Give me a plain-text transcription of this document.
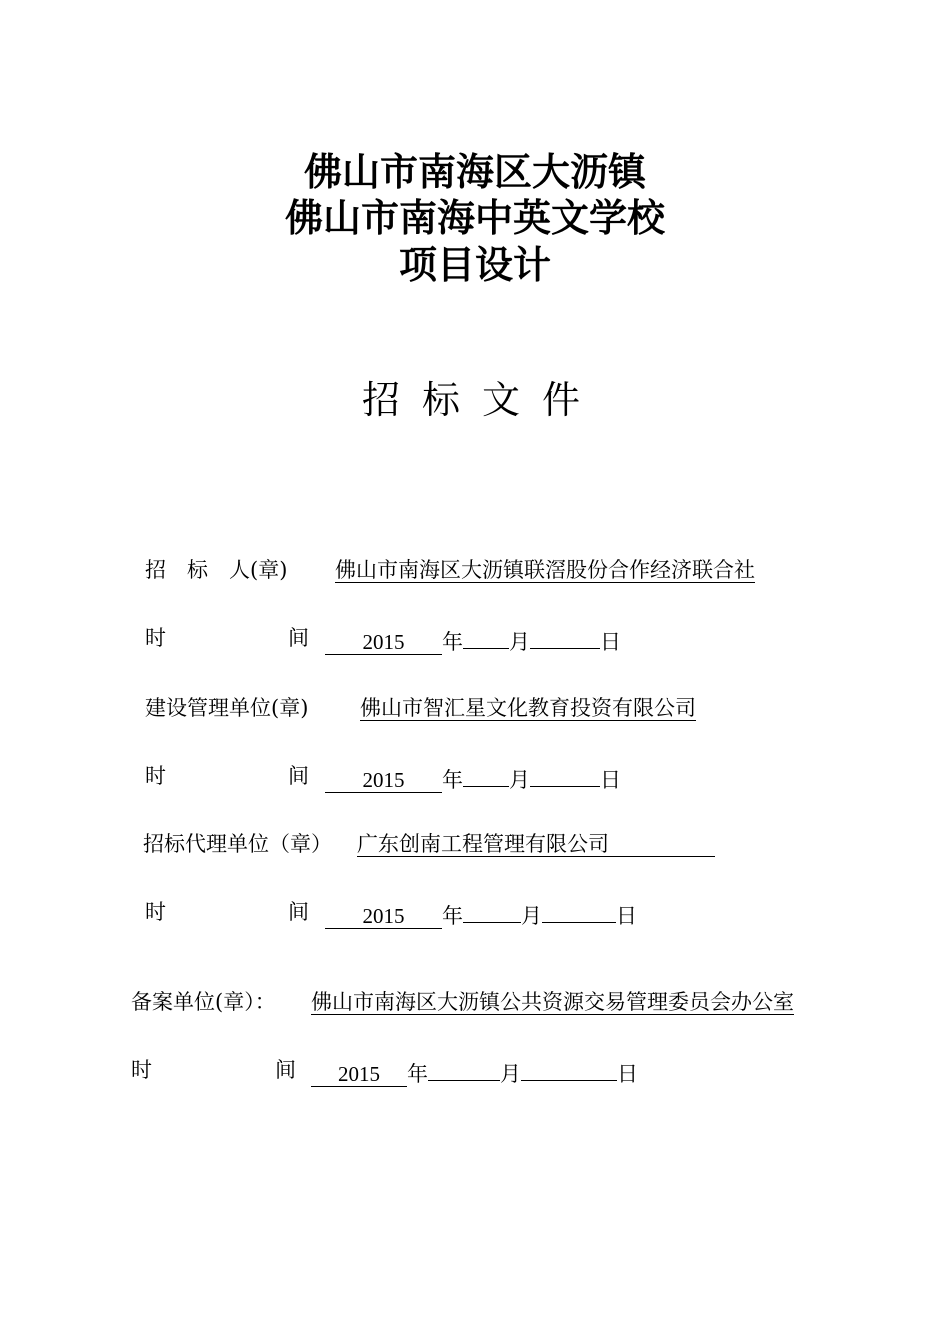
佛山市南海区大沥镇
佛山市南海中英文学校
项目设计
招标文件
招　标　人(章) 佛山市南海区大沥镇联滘股份合作经济联合社
时	间	2015 年 月	日
建设管理单位(章) 佛山市智汇星文化教育投资有限公司
时	间	2015 年 月	日
招标代理单位（章） 广东创南工程管理有限公司
时	间	2015 年	月	日
备案单位(章）： 佛山市南海区大沥镇公共资源交易管理委员会办公室
时	间	2015 年	月	日
